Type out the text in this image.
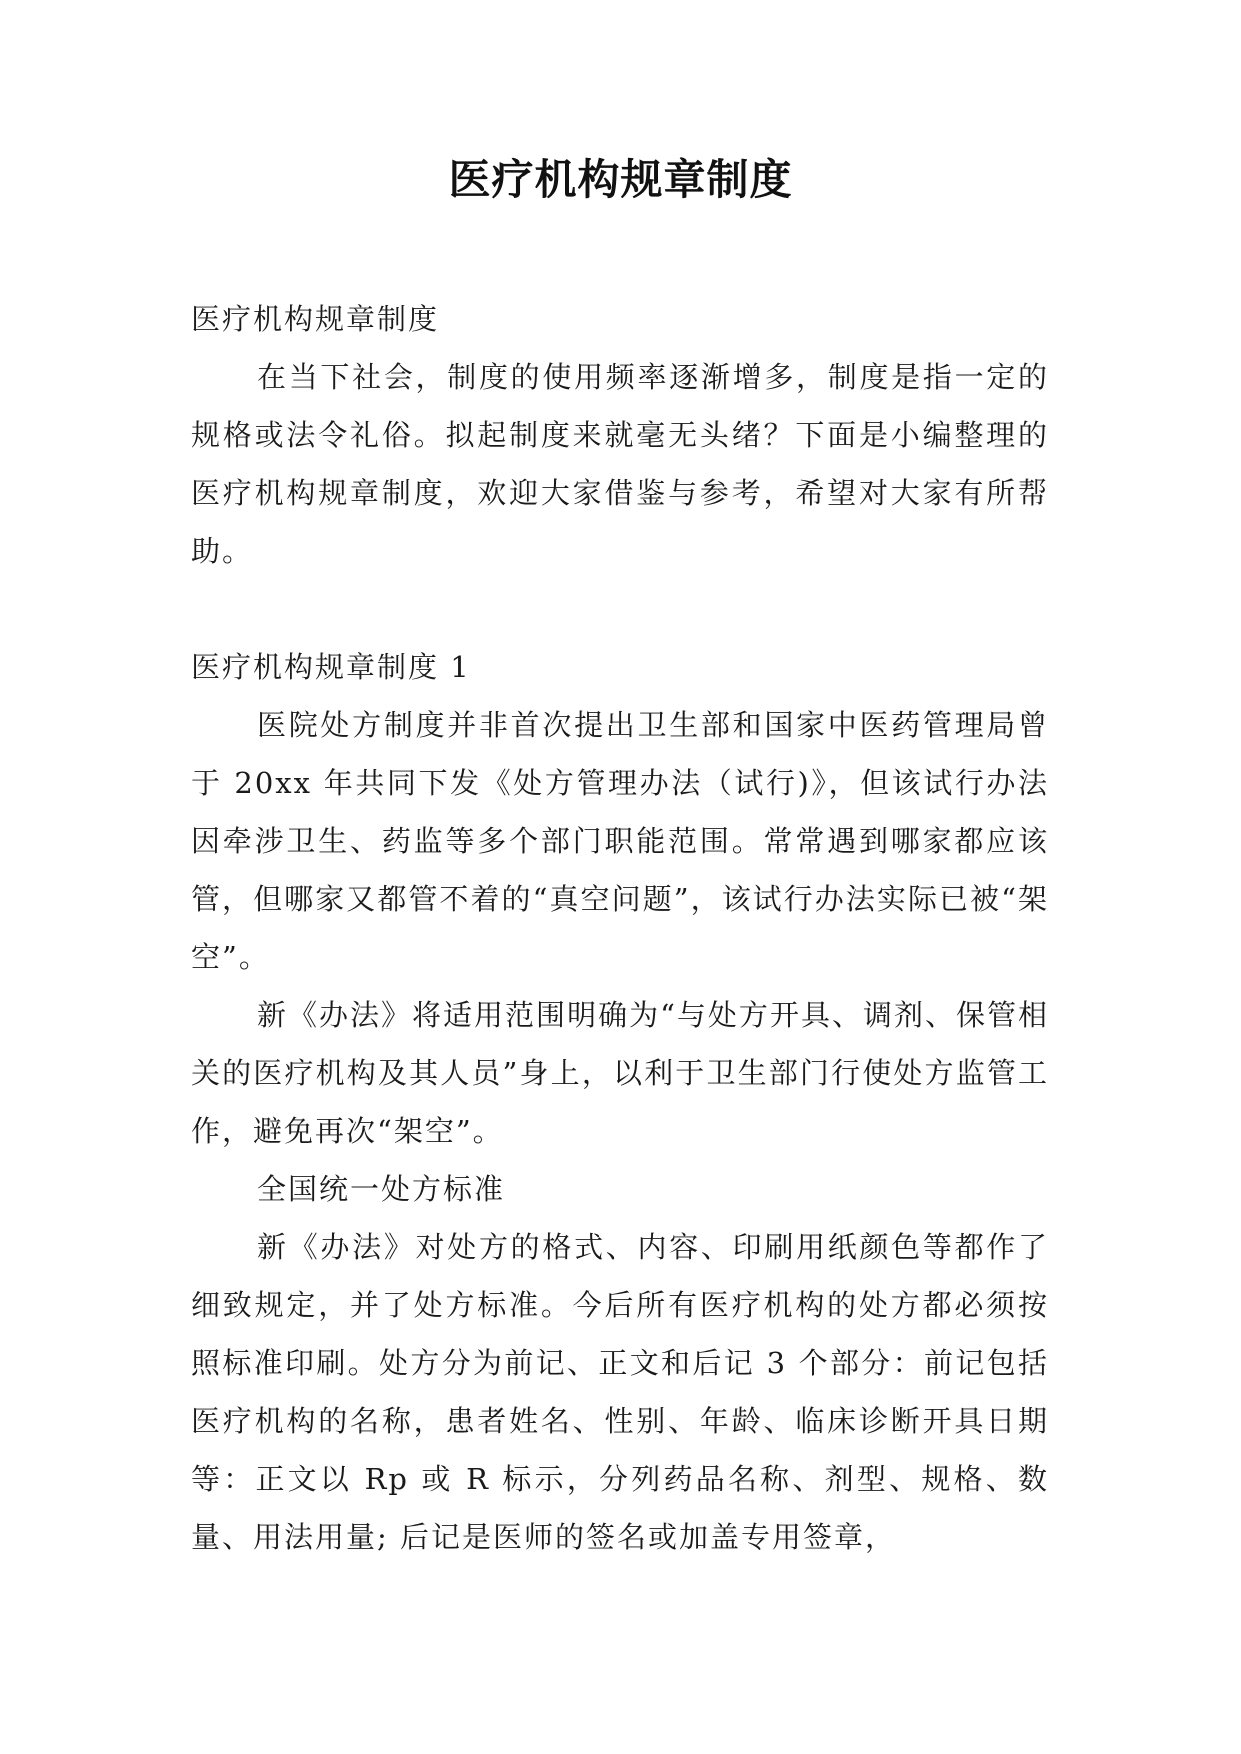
医疗机构规章制度

医疗机构规章制度

在当下社会，制度的使用频率逐渐增多，制度是指一定的规格或法令礼俗。拟起制度来就毫无头绪？下面是小编整理的医疗机构规章制度，欢迎大家借鉴与参考，希望对大家有所帮助。

医疗机构规章制度 1

医院处方制度并非首次提出卫生部和国家中医药管理局曾于 20xx 年共同下发《处方管理办法（试行)》，但该试行办法因牵涉卫生、药监等多个部门职能范围。常常遇到哪家都应该管，但哪家又都管不着的“真空问题”，该试行办法实际已被“架空”。

新《办法》将适用范围明确为“与处方开具、调剂、保管相关的医疗机构及其人员”身上，以利于卫生部门行使处方监管工作，避免再次“架空”。

全国统一处方标准

新《办法》对处方的格式、内容、印刷用纸颜色等都作了细致规定，并了处方标准。今后所有医疗机构的处方都必须按照标准印刷。处方分为前记、正文和后记 3 个部分：前记包括医疗机构的名称，患者姓名、性别、年龄、临床诊断开具日期等：正文以 Rp 或 R 标示，分列药品名称、剂型、规格、数量、用法用量; 后记是医师的签名或加盖专用签章，
